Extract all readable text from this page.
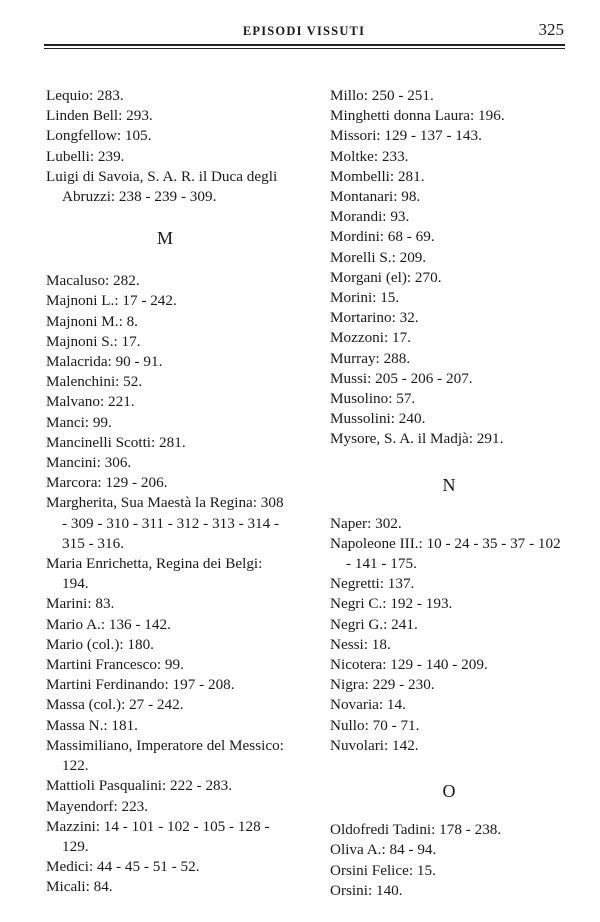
EPISODI VISSUTI	325
Lequio: 283.
Linden Bell: 293.
Longfellow: 105.
Lubelli: 239.
Luigi di Savoia, S. A. R. il Duca degli Abruzzi: 238 - 239 - 309.
M
Macaluso: 282.
Majnoni L.: 17 - 242.
Majnoni M.: 8.
Majnoni S.: 17.
Malacrida: 90 - 91.
Malenchini: 52.
Malvano: 221.
Manci: 99.
Mancinelli Scotti: 281.
Mancini: 306.
Marcora: 129 - 206.
Margherita, Sua Maestà la Regina: 308 - 309 - 310 - 311 - 312 - 313 - 314 - 315 - 316.
Maria Enrichetta, Regina dei Belgi: 194.
Marini: 83.
Mario A.: 136 - 142.
Mario (col.): 180.
Martini Francesco: 99.
Martini Ferdinando: 197 - 208.
Massa (col.): 27 - 242.
Massa N.: 181.
Massimiliano, Imperatore del Messico: 122.
Mattioli Pasqualini: 222 - 283.
Mayendorf: 223.
Mazzini: 14 - 101 - 102 - 105 - 128 - 129.
Medici: 44 - 45 - 51 - 52.
Micali: 84.
Millo: 250 - 251.
Minghetti donna Laura: 196.
Missori: 129 - 137 - 143.
Moltke: 233.
Mombelli: 281.
Montanari: 98.
Morandi: 93.
Mordini: 68 - 69.
Morelli S.: 209.
Morgani (el): 270.
Morini: 15.
Mortarino: 32.
Mozzoni: 17.
Murray: 288.
Mussi: 205 - 206 - 207.
Musolino: 57.
Mussolini: 240.
Mysore, S. A. il Madjà: 291.
N
Naper: 302.
Napoleone III.: 10 - 24 - 35 - 37 - 102 - 141 - 175.
Negretti: 137.
Negri C.: 192 - 193.
Negri G.: 241.
Nessi: 18.
Nicotera: 129 - 140 - 209.
Nigra: 229 - 230.
Novaria: 14.
Nullo: 70 - 71.
Nuvolari: 142.
O
Oldofredi Tadini: 178 - 238.
Oliva A.: 84 - 94.
Orsini Felice: 15.
Orsini: 140.
